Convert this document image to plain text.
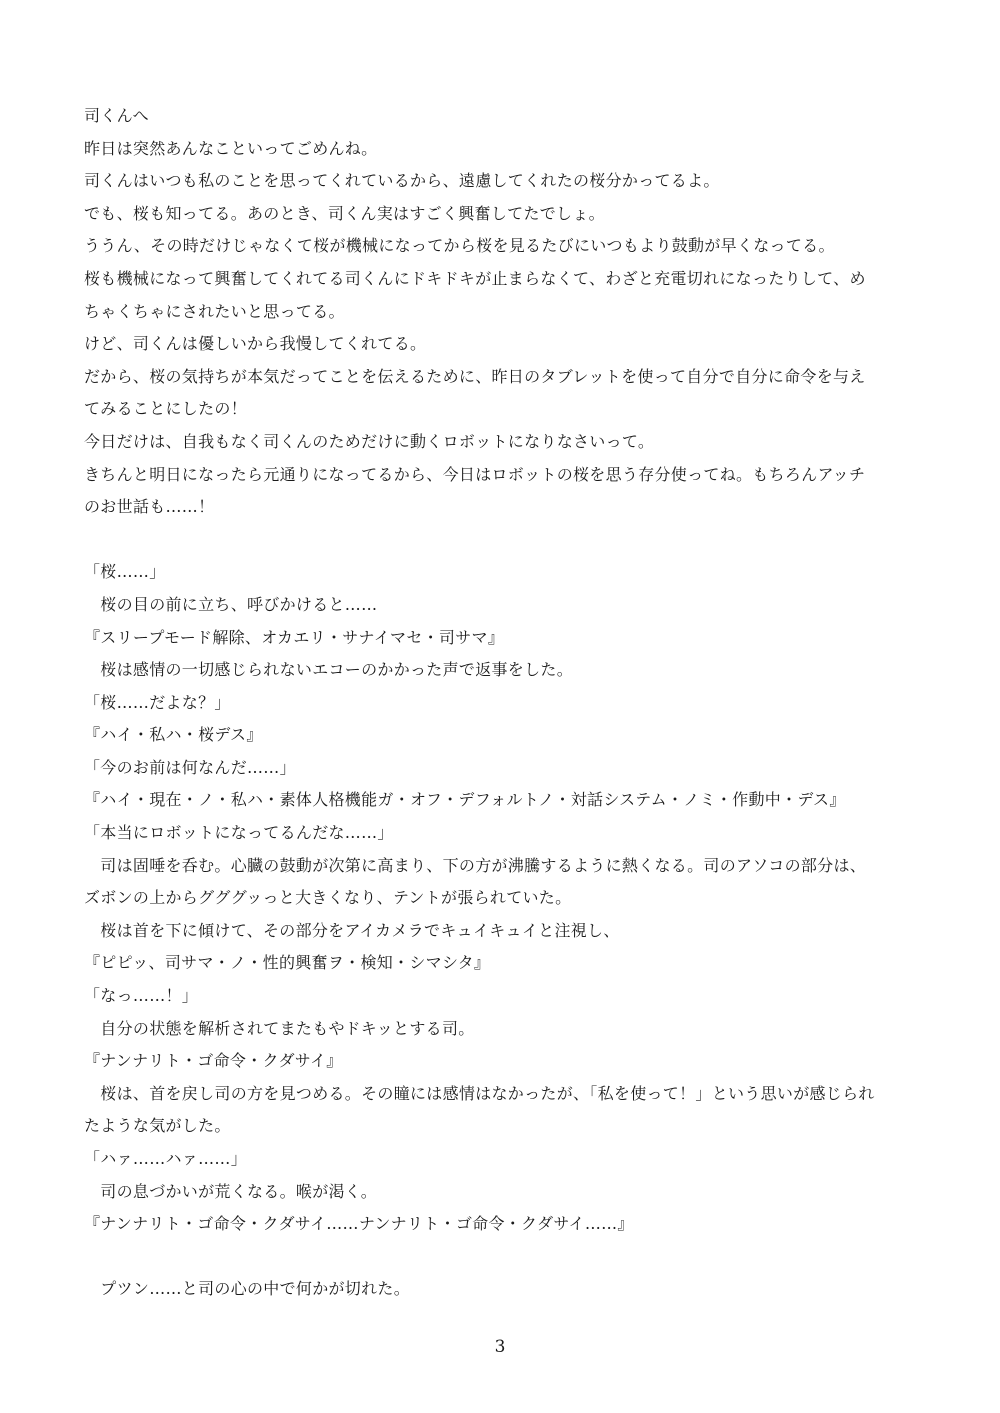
司くんへ
昨日は突然あんなこといってごめんね。
司くんはいつも私のことを思ってくれているから、遠慮してくれたの桜分かってるよ。
でも、桜も知ってる。あのとき、司くん実はすごく興奮してたでしょ。
ううん、その時だけじゃなくて桜が機械になってから桜を見るたびにいつもより鼓動が早くなってる。
桜も機械になって興奮してくれてる司くんにドキドキが止まらなくて、わざと充電切れになったりして、め
ちゃくちゃにされたいと思ってる。
けど、司くんは優しいから我慢してくれてる。
だから、桜の気持ちが本気だってことを伝えるために、昨日のタブレットを使って自分で自分に命令を与え
てみることにしたの！
今日だけは、自我もなく司くんのためだけに動くロボットになりなさいって。
きちんと明日になったら元通りになってるから、今日はロボットの桜を思う存分使ってね。もちろんアッチ
のお世話も……！
「桜……」
　桜の目の前に立ち、呼びかけると……
『スリープモード解除、オカエリ・サナイマセ・司サマ』
　桜は感情の一切感じられないエコーのかかった声で返事をした。
「桜……だよな？」
『ハイ・私ハ・桜デス』
「今のお前は何なんだ……」
『ハイ・現在・ノ・私ハ・素体人格機能ガ・オフ・デフォルトノ・対話システム・ノミ・作動中・デス』
「本当にロボットになってるんだな……」
　司は固唾を呑む。心臓の鼓動が次第に高まり、下の方が沸騰するように熱くなる。司のアソコの部分は、
ズボンの上からグググッっと大きくなり、テントが張られていた。
　桜は首を下に傾けて、その部分をアイカメラでキュイキュイと注視し、
『ピピッ、司サマ・ノ・性的興奮ヲ・検知・シマシタ』
「なっ……！」
　自分の状態を解析されてまたもやドキッとする司。
『ナンナリト・ゴ命令・クダサイ』
　桜は、首を戻し司の方を見つめる。その瞳には感情はなかったが、「私を使って！」という思いが感じられ
たような気がした。
「ハァ……ハァ……」
　司の息づかいが荒くなる。喉が渇く。
『ナンナリト・ゴ命令・クダサイ……ナンナリト・ゴ命令・クダサイ……』
　プツン……と司の心の中で何かが切れた。
3
